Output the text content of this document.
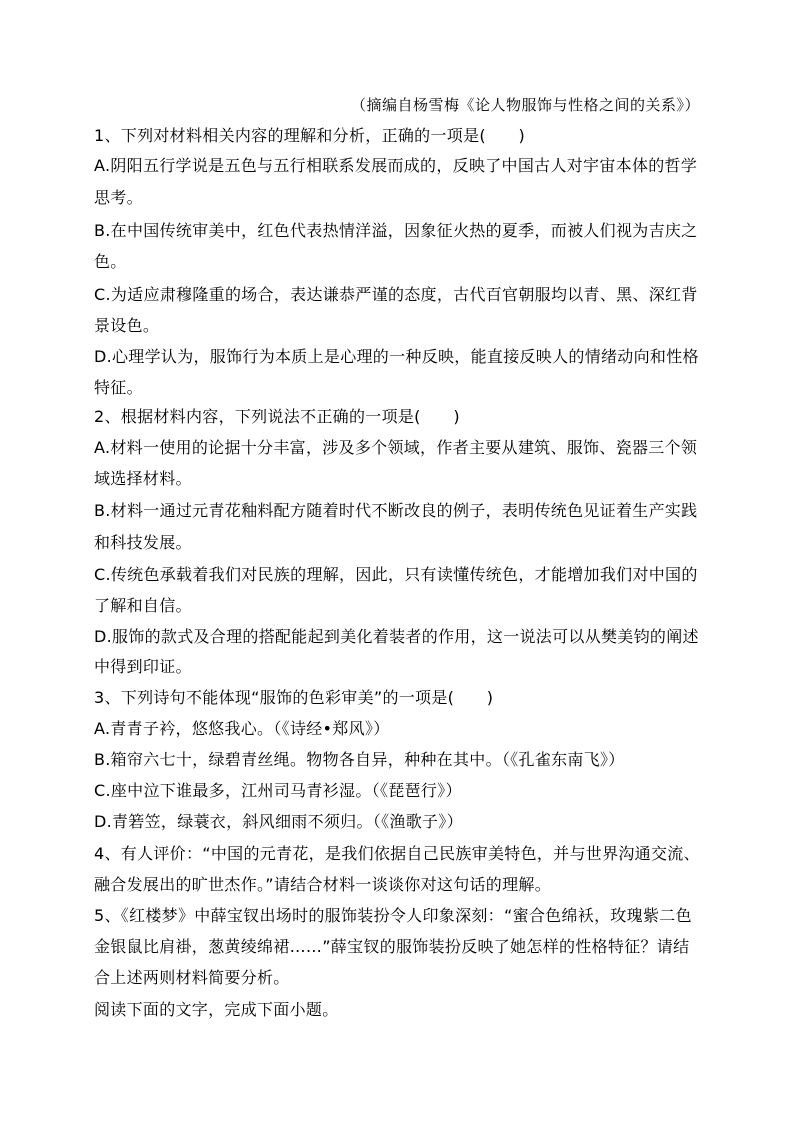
（摘编自杨雪梅《论人物服饰与性格之间的关系》）
1、下列对材料相关内容的理解和分析，正确的一项是(　　)
A.阴阳五行学说是五色与五行相联系发展而成的，反映了中国古人对宇宙本体的哲学
思考。
B.在中国传统审美中，红色代表热情洋溢，因象征火热的夏季，而被人们视为吉庆之
色。
C.为适应肃穆隆重的场合，表达谦恭严谨的态度，古代百官朝服均以青、黑、深红背
景设色。
D.心理学认为，服饰行为本质上是心理的一种反映，能直接反映人的情绪动向和性格
特征。
2、根据材料内容，下列说法不正确的一项是(　　)
A.材料一使用的论据十分丰富，涉及多个领域，作者主要从建筑、服饰、瓷器三个领
域选择材料。
B.材料一通过元青花釉料配方随着时代不断改良的例子，表明传统色见证着生产实践
和科技发展。
C.传统色承载着我们对民族的理解，因此，只有读懂传统色，才能增加我们对中国的
了解和自信。
D.服饰的款式及合理的搭配能起到美化着装者的作用，这一说法可以从樊美钧的阐述
中得到印证。
3、下列诗句不能体现“服饰的色彩审美”的一项是(　　)
A.青青子衿，悠悠我心。（《诗经•郑风》）
B.箱帘六七十，绿碧青丝绳。物物各自异，种种在其中。（《孔雀东南飞》）
C.座中泣下谁最多，江州司马青衫湿。（《琵琶行》）
D.青箬笠，绿蓑衣，斜风细雨不须归。（《渔歌子》）
4、有人评价：“中国的元青花，是我们依据自己民族审美特色，并与世界沟通交流、
融合发展出的旷世杰作。”请结合材料一谈谈你对这句话的理解。
5、《红楼梦》中薛宝钗出场时的服饰装扮令人印象深刻：“蜜合色绵袄，玫瑰紫二色
金银鼠比肩褂，葱黄绫绵裙……”薛宝钗的服饰装扮反映了她怎样的性格特征？请结
合上述两则材料简要分析。
阅读下面的文字，完成下面小题。
